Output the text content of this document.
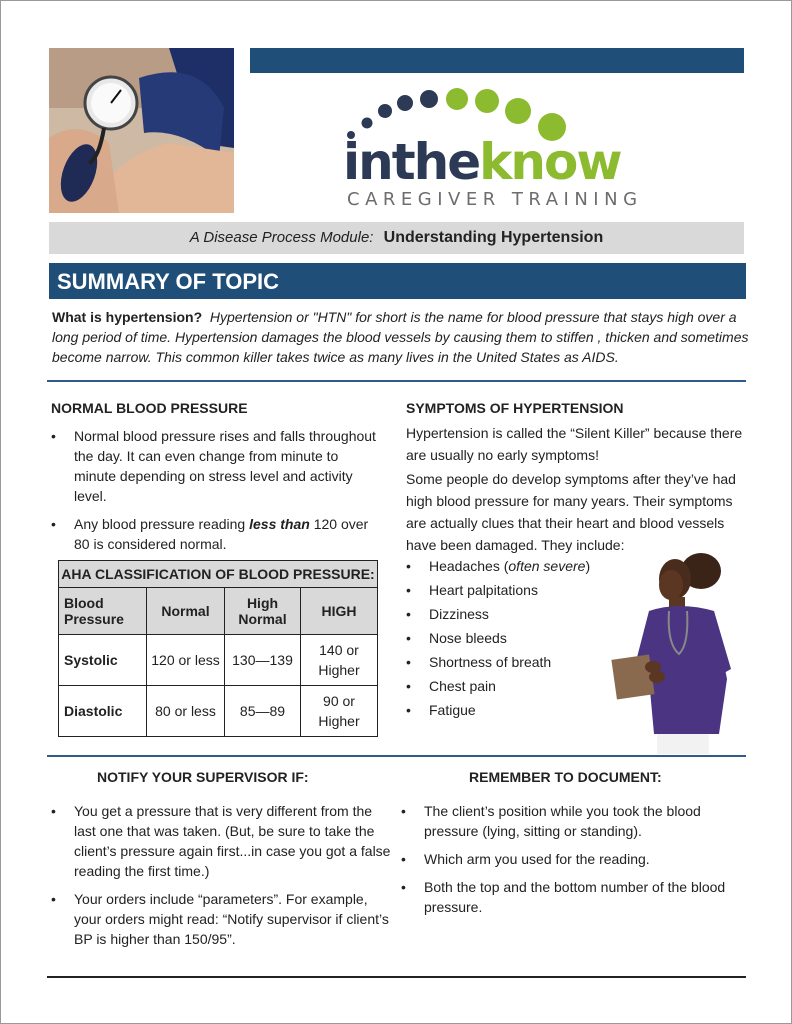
intheknow
CAREGIVER TRAINING
A Disease Process Module: Understanding Hypertension
SUMMARY OF TOPIC
What is hypertension? Hypertension or "HTN" for short is the name for blood pressure that stays high over a long period of time. Hypertension damages the blood vessels by causing them to stiffen , thicken and sometimes become narrow. This common killer takes twice as many lives in the United States as AIDS.
NORMAL BLOOD PRESSURE
• Normal blood pressure rises and falls throughout the day. It can even change from minute to minute depending on stress level and activity level.
• Any blood pressure reading less than 120 over 80 is considered normal.
AHA CLASSIFICATION OF BLOOD PRESSURE:			
Blood Pressure	Normal	High Normal	HIGH
Systolic	120 or less	130—139	140 or Higher
Diastolic	80 or less	85—89	90 or Higher
SYMPTOMS OF HYPERTENSION
Hypertension is called the “Silent Killer” because there are usually no early symptoms!
Some people do develop symptoms after they’ve had high blood pressure for many years. Their symptoms are actually clues that their heart and blood vessels have been damaged. They include:
• Headaches (often severe)
• Heart palpitations
• Dizziness
• Nose bleeds
• Shortness of breath
• Chest pain
• Fatigue
NOTIFY YOUR SUPERVISOR IF:
• You get a pressure that is very different from the last one that was taken. (But, be sure to take the client’s pressure again first...in case you got a false reading the first time.)
• Your orders include “parameters”. For example, your orders might read: “Notify supervisor if client’s BP is higher than 150/95”.
REMEMBER TO DOCUMENT:
• The client’s position while you took the blood pressure (lying, sitting or standing).
• Which arm you used for the reading.
• Both the top and the bottom number of the blood pressure.
